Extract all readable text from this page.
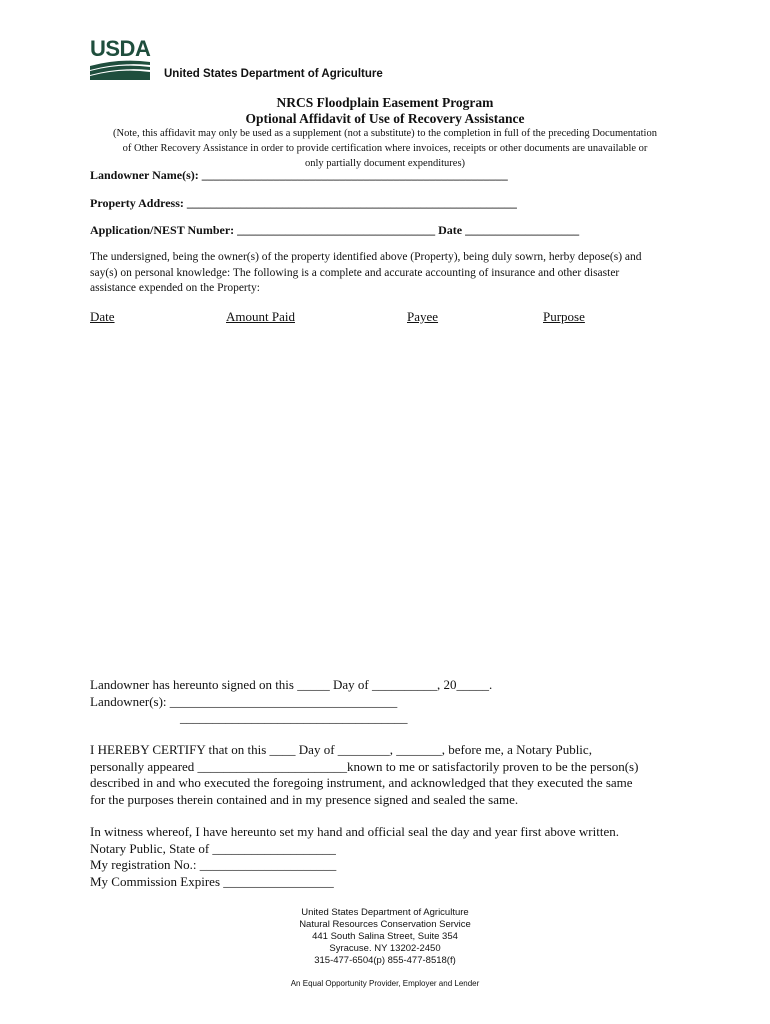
USDA
United States Department of Agriculture
NRCS Floodplain Easement Program
Optional Affidavit of Use of Recovery Assistance
(Note, this affidavit may only be used as a supplement (not a substitute) to the completion in full of the preceding Documentation
of Other Recovery Assistance in order to provide certification where invoices, receipts or other documents are unavailable or
only partially document expenditures)
Landowner Name(s): ___________________________________________________
Property Address: _______________________________________________________
Application/NEST Number: _________________________________ Date ___________________
The undersigned, being the owner(s) of the property identified above (Property), being duly sowrn, herby depose(s) and
say(s) on personal knowledge: The following is a complete and accurate accounting of insurance and other disaster
assistance expended on the Property:
Date	Amount Paid	Payee	Purpose
Landowner has hereunto signed on this _____ Day of __________, 20_____.
Landowner(s): ___________________________________
___________________________________
I HEREBY CERTIFY that on this ____ Day of ________, _______, before me, a Notary Public,
personally appeared _______________________known to me or satisfactorily proven to be the person(s)
described in and who executed the foregoing instrument, and acknowledged that they executed the same
for the purposes therein contained and in my presence signed and sealed the same.
In witness whereof, I have hereunto set my hand and official seal the day and year first above written.
Notary Public, State of ___________________
My registration No.: _____________________
My Commission Expires _________________
United States Department of Agriculture
Natural Resources Conservation Service
441 South Salina Street, Suite 354
Syracuse. NY 13202-2450
315-477-6504(p) 855-477-8518(f)
An Equal Opportunity Provider, Employer and Lender
